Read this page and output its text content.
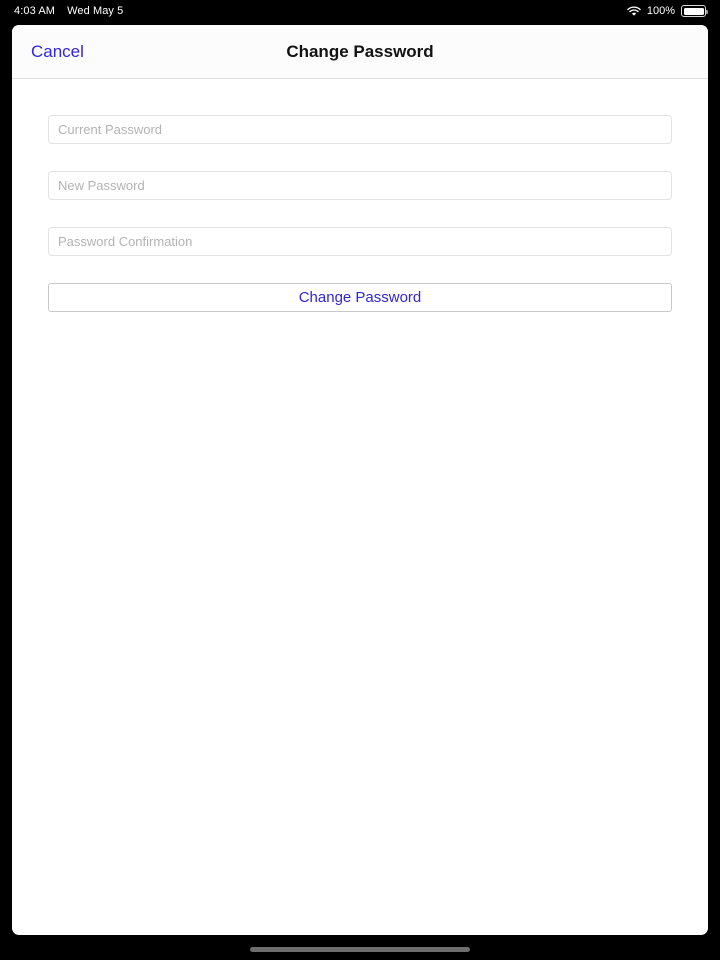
4:03 AM Wed May 5	100%
Cancel	Change Password
Change Password
